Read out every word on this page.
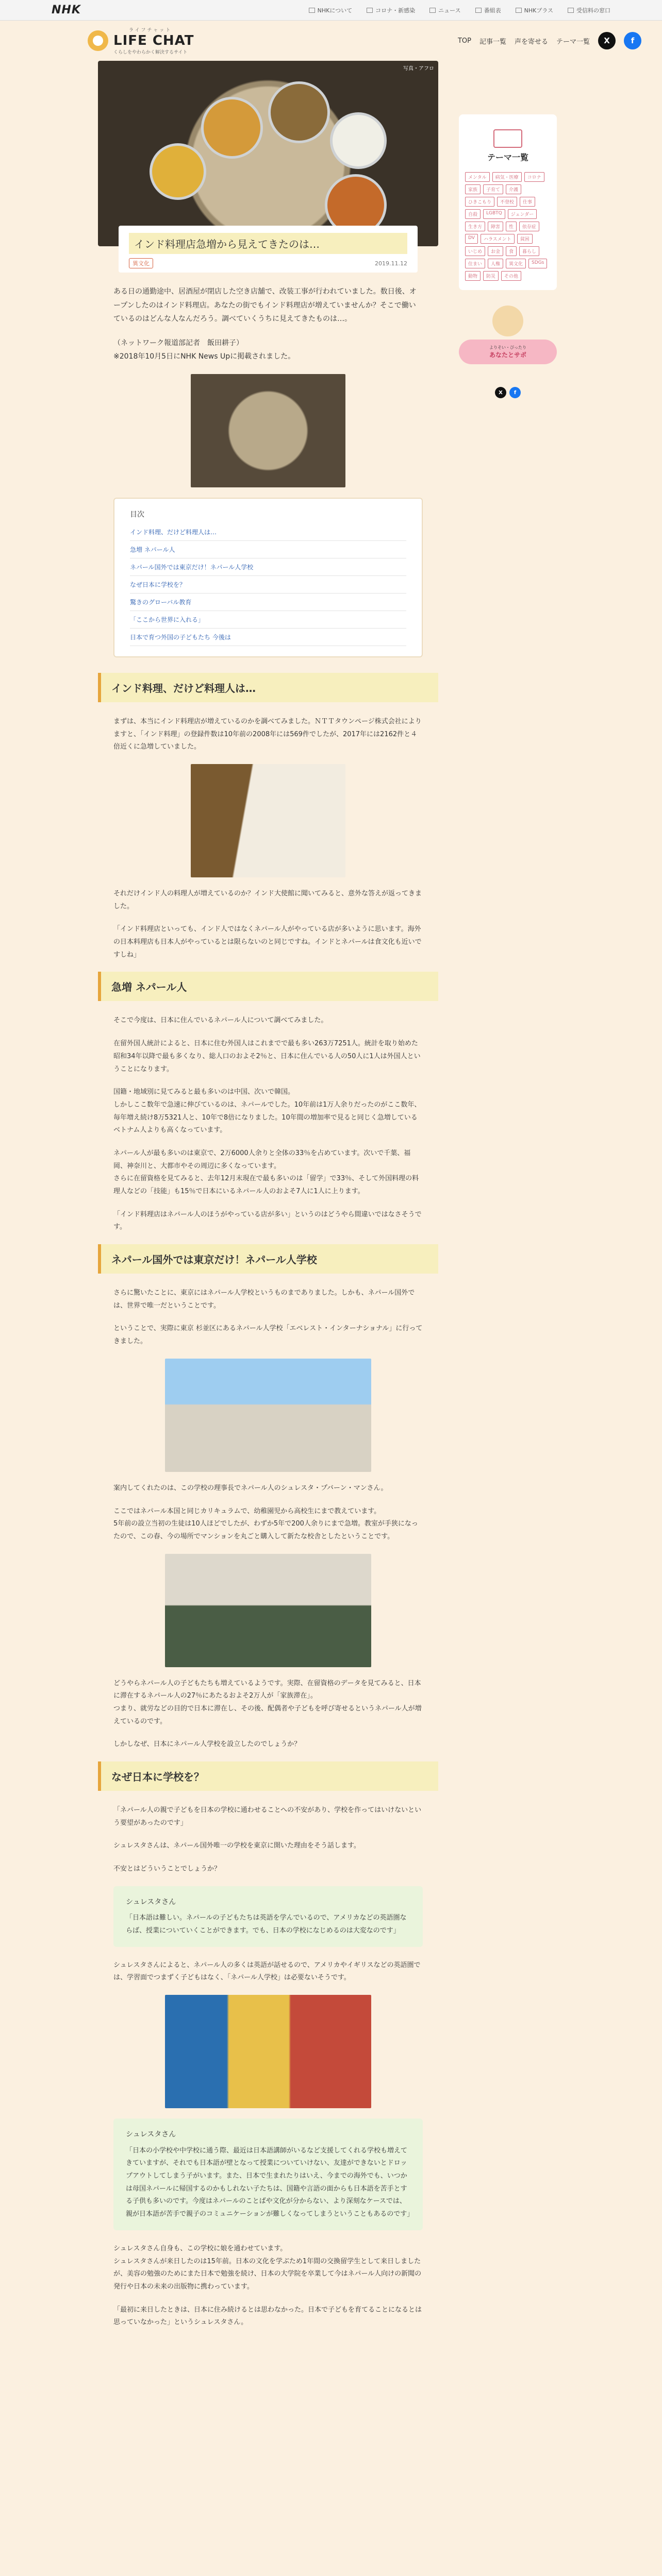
NHK	NHKについて	コロナ・新感染	ニュース	番組表	NHKプラス	受信料の窓口
ライフチャット
LIFE CHAT
くらしをやわらかく解決するサイト
TOP 記事一覧 声を寄せる テーマ一覧	X	f
写真・アフロ
インド料理店急増から見えてきたのは…
異文化	2019.11.12

ある日の通勤途中、居酒屋が閉店した空き店舗で、改装工事が行われていました。数日後、オープンしたのはインド料理店。あなたの街でもインド料理店が増えていませんか？そこで働いているのはどんな人なんだろう。調べていくうちに見えてきたものは…。

（ネットワーク報道部記者　飯田耕子）
※2018年10月5日にNHK News Upに掲載されました。

目次
インド料理、だけど料理人は…
急増 ネパール人
ネパール国外では東京だけ！ネパール人学校
なぜ日本に学校を？
驚きのグローバル教育
「ここから世界に入れる」
日本で育つ外国の子どもたち 今後は
インド料理、だけど料理人は…

まずは、本当にインド料理店が増えているのかを調べてみました。ＮＴＴタウンページ株式会社によりますと、「インド料理」の登録件数は10年前の2008年には569件でしたが、2017年には2162件と４倍近くに急増していました。

それだけインド人の料理人が増えているのか？インド大使館に聞いてみると、意外な答えが返ってきました。

「インド料理店といっても、インド人ではなくネパール人がやっている店が多いように思います。海外の日本料理店も日本人がやっているとは限らないのと同じですね。インドとネパールは食文化も近いですしね」

急増 ネパール人

そこで今度は、日本に住んでいるネパール人について調べてみました。

在留外国人統計によると、日本に住む外国人はこれまでで最も多い263万7251人。統計を取り始めた昭和34年以降で最も多くなり、総人口のおよそ2％と、日本に住んでいる人の50人に1人は外国人ということになります。

国籍・地域別に見てみると最も多いのは中国、次いで韓国。
しかしここ数年で急速に伸びているのは、ネパールでした。10年前は1万人余りだったのがここ数年、毎年増え続け8万5321人と、10年で8倍になりました。10年間の増加率で見ると同じく急増しているベトナム人よりも高くなっています。

ネパール人が最も多いのは東京で、2万6000人余りと全体の33％を占めています。次いで千葉、福岡、神奈川と、大都市やその周辺に多くなっています。
さらに在留資格を見てみると、去年12月末現在で最も多いのは「留学」で33％、そして外国料理の料理人などの「技能」も15％で日本にいるネパール人のおよそ7人に1人に上ります。

「インド料理店はネパール人のほうがやっている店が多い」というのはどうやら間違いではなさそうです。

ネパール国外では東京だけ！ネパール人学校

さらに驚いたことに、東京にはネパール人学校というものまでありました。しかも、ネパール国外では、世界で唯一だということです。

ということで、実際に東京 杉並区にあるネパール人学校「エベレスト・インターナショナル」に行ってきました。

案内してくれたのは、この学校の理事長でネパール人のシュレスタ・プバーン・マンさん。

ここではネパール本国と同じカリキュラムで、幼稚園児から高校生にまで教えています。
5年前の設立当初の生徒は10人ほどでしたが、わずか5年で200人余りにまで急増。教室が手狭になったので、この春、今の場所でマンションを丸ごと購入して新たな校舎としたということです。

どうやらネパール人の子どもたちも増えているようです。実際、在留資格のデータを見てみると、日本に滞在するネパール人の27％にあたるおよそ2万人が「家族滞在」。
つまり、就労などの目的で日本に滞在し、その後、配偶者や子どもを呼び寄せるというネパール人が増えているのです。

しかしなぜ、日本にネパール人学校を設立したのでしょうか？

なぜ日本に学校を？

「ネパール人の親で子どもを日本の学校に通わせることへの不安があり、学校を作ってはいけないという要望があったのです」

シュレスタさんは、ネパール国外唯一の学校を東京に開いた理由をそう話します。

不安とはどういうことでしょうか？

シュレスタさん
「日本語は難しい。ネパールの子どもたちは英語を学んでいるので、アメリカなどの英語圏ならば、授業についていくことができます。でも、日本の学校になじめるのは大変なのです」

シュレスタさんによると、ネパール人の多くは英語が話せるので、アメリカやイギリスなどの英語圏では、学習面でつまずく子どもはなく、「ネパール人学校」は必要ないそうです。

シュレスタさん
「日本の小学校や中学校に通う際、最近は日本語講師がいるなど支援してくれる学校も増えてきていますが、それでも日本語が壁となって授業についていけない、友達ができないとドロップアウトしてしまう子がいます。また、日本で生まれたりはいえ、今までの海外でも、いつかは母国ネパールに帰国するのかもしれない子たちは、国籍や言語の面からも日本語を苦手とする子供も多いのです。今度はネパールのことばや文化が分からない、より深刻なケースでは、親が日本語が苦手で親子のコミュニケーションが難しくなってしまうということもあるのです」

シュレスタさん自身も、この学校に娘を通わせています。
シュレスタさんが来日したのは15年前。日本の文化を学ぶため1年間の交換留学生として来日しましたが、美容の勉強のためにまた日本で勉強を続け、日本の大学院を卒業して今はネパール人向けの新聞の発行や日本の未来の出版物に携わっています。

「最初に来日したときは、日本に住み続けるとは思わなかった。日本で子どもを育てることになるとは思っていなかった」というシュレスタさん。

テーマ一覧
メンタル	病気・医療	コロナ
家族	子育て	介護
ひきこもり	不登校	仕事
自殺	LGBTQ	ジェンダー
生き方	障害	性	依存症
DV	ハラスメント	貧困
いじめ	お金	食	暮らし
住まい	人権	異文化	SDGs
動物	防災	その他
よりそい・ぴったり
あなたとサポ
X	f
